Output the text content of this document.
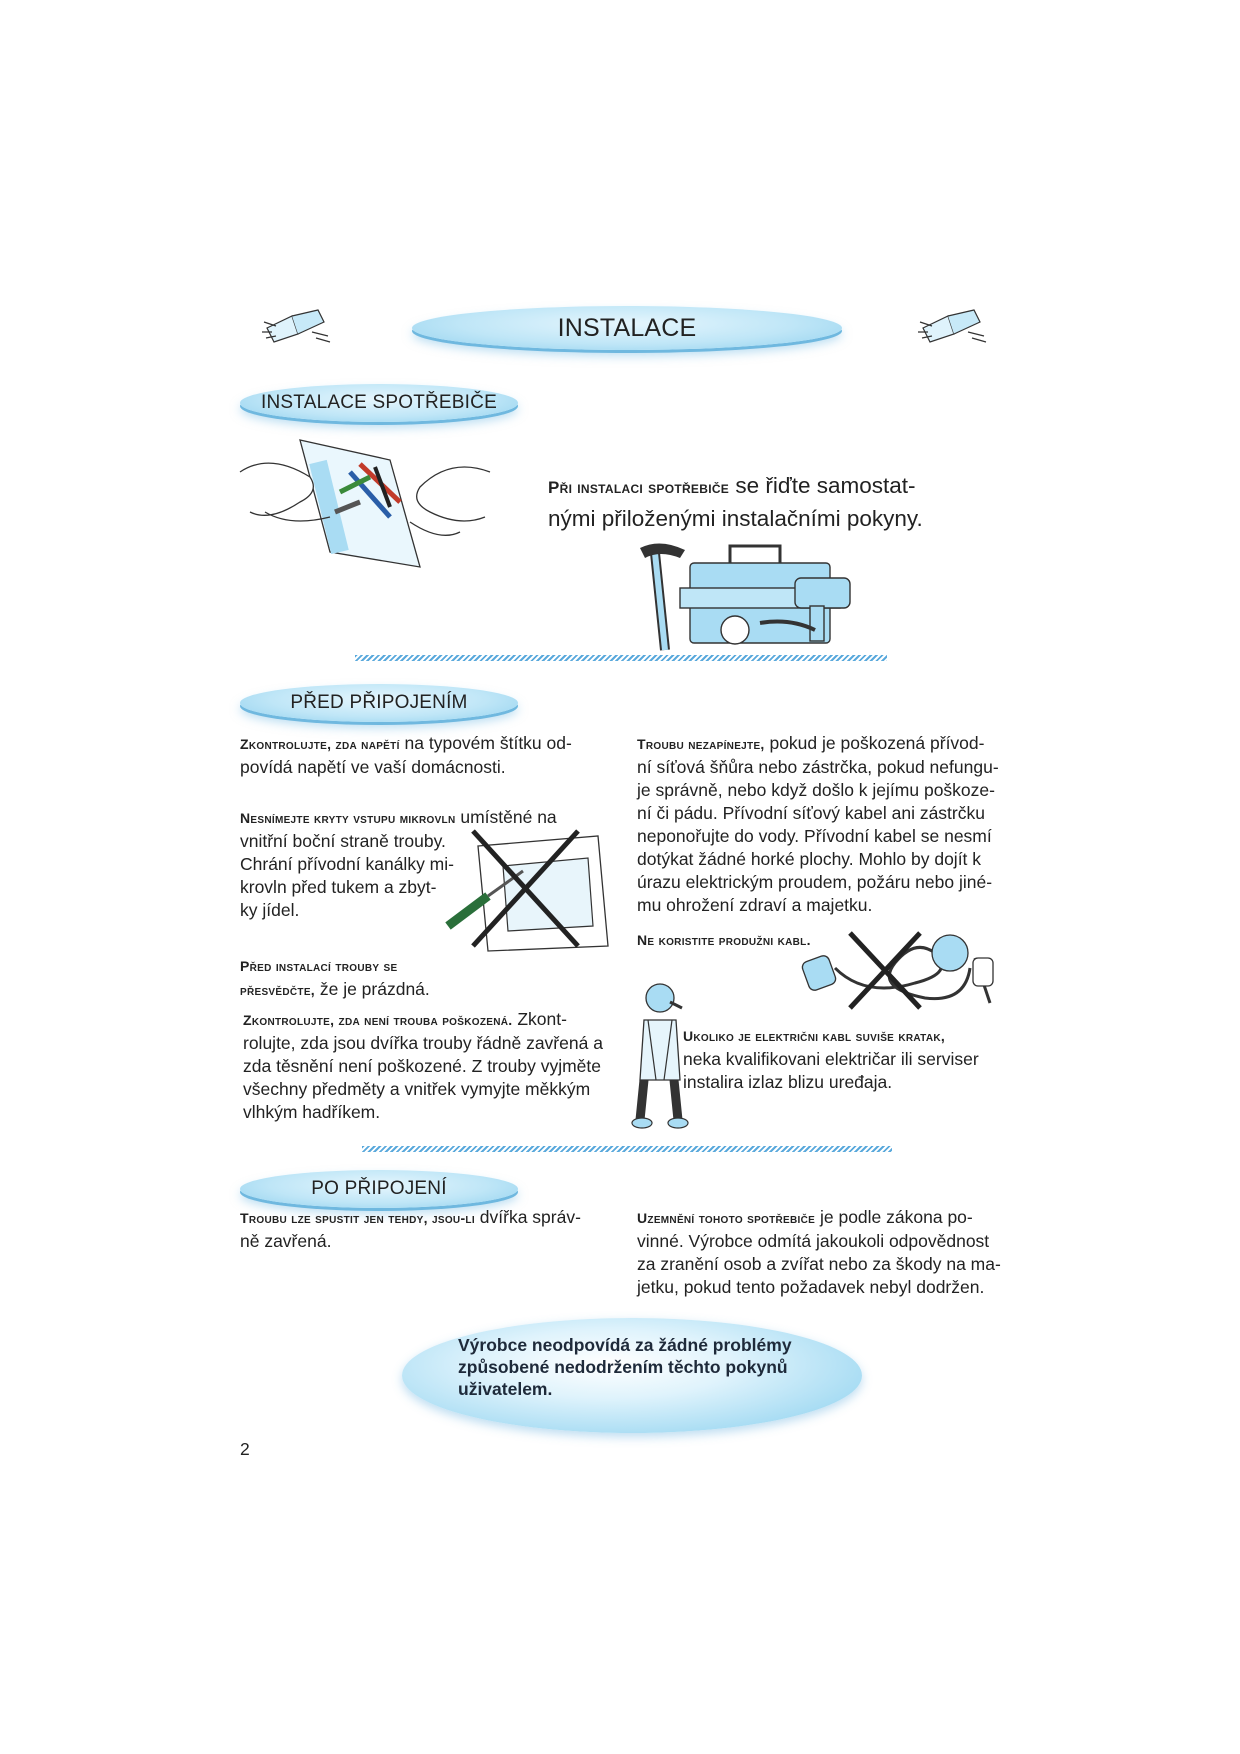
INSTALACE
INSTALACE SPOTŘEBIČE
Při instalaci spotřebiče se řiďte samostat-
nými přiloženými instalačními pokyny.
PŘED PŘIPOJENÍM
Zkontrolujte, zda napětí na typovém štítku od-
povídá napětí ve vaší domácnosti.
Nesnímejte kryty vstupu mikrovln umístěné na
vnitřní boční straně trouby.
Chrání přívodní kanálky mi-
krovln před tukem a zbyt-
ky jídel.
Před instalací trouby se
přesvědčte, že je prázdná.
Zkontrolujte, zda není trouba poškozená. Zkont-
rolujte, zda jsou dvířka trouby řádně zavřená a
zda těsnění není poškozené. Z trouby vyjměte
všechny předměty a vnitřek vymyjte měkkým
vlhkým hadříkem.
Troubu nezapínejte, pokud je poškozená přívod-
ní síťová šňůra nebo zástrčka, pokud nefungu-
je správně, nebo když došlo k jejímu poškoze-
ní či pádu. Přívodní síťový kabel ani zástrčku
neponořujte do vody. Přívodní kabel se nesmí
dotýkat žádné horké plochy. Mohlo by dojít k
úrazu elektrickým proudem, požáru nebo jiné-
mu ohrožení zdraví a majetku.
Ne koristite produžni kabl.
Ukoliko je električni kabl suviše kratak,
neka kvalifikovani električar ili serviser
instalira izlaz blizu uređaja.
PO PŘIPOJENÍ
Troubu lze spustit jen tehdy, jsou-li dvířka správ-
ně zavřená.
Uzemnění tohoto spotřebiče je podle zákona po-
vinné. Výrobce odmítá jakoukoli odpovědnost
za zranění osob a zvířat nebo za škody na ma-
jetku, pokud tento požadavek nebyl dodržen.
Výrobce neodpovídá za žádné problémy
způsobené nedodržením těchto pokynů
uživatelem.
2
